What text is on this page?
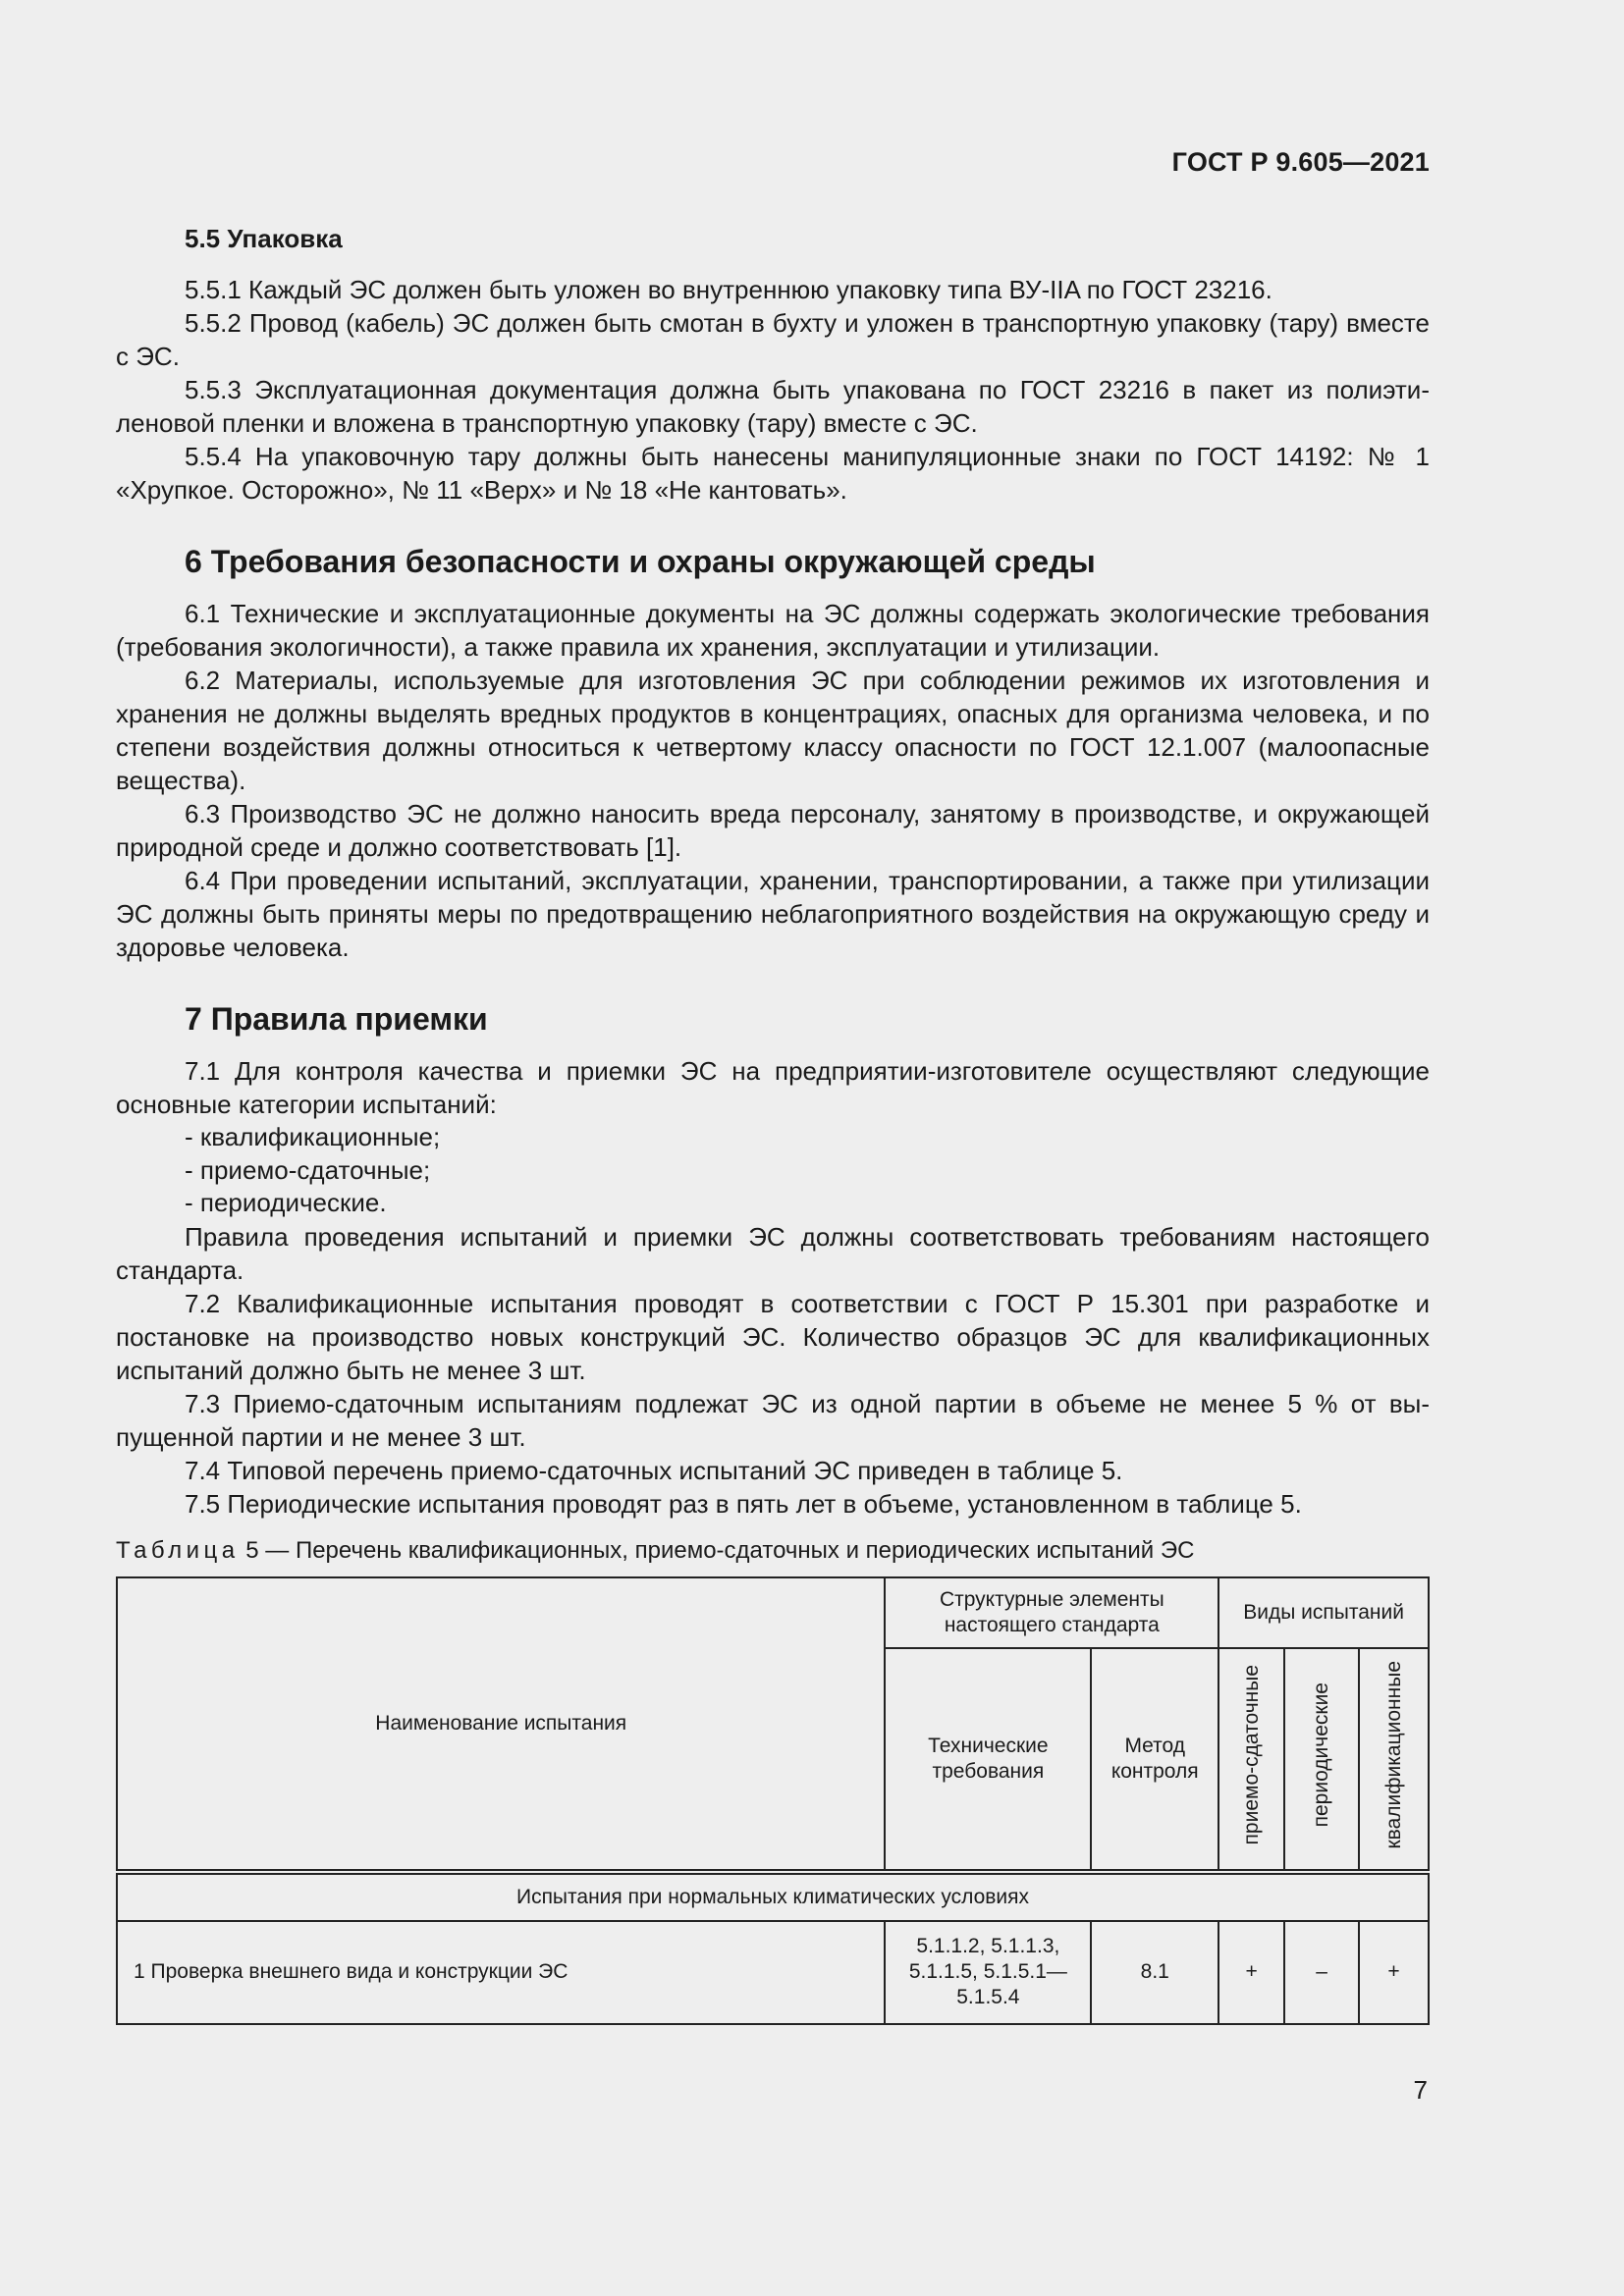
ГОСТ Р 9.605—2021
5.5 Упаковка

5.5.1 Каждый ЭС должен быть уложен во внутреннюю упаковку типа ВУ-IIA по ГОСТ 23216.

5.5.2 Провод (кабель) ЭС должен быть смотан в бухту и уложен в транспортную упаковку (тару) вместе с ЭС.

5.5.3 Эксплуатационная документация должна быть упакована по ГОСТ 23216 в пакет из полиэтиленовой пленки и вложена в транспортную упаковку (тару) вместе с ЭС.

5.5.4 На упаковочную тару должны быть нанесены манипуляционные знаки по ГОСТ 14192: № 1 «Хрупкое. Осторожно», № 11 «Верх» и № 18 «Не кантовать».

6 Требования безопасности и охраны окружающей среды

6.1 Технические и эксплуатационные документы на ЭС должны содержать экологические требования (требования экологичности), а также правила их хранения, эксплуатации и утилизации.

6.2 Материалы, используемые для изготовления ЭС при соблюдении режимов их изготовления и хранения не должны выделять вредных продуктов в концентрациях, опасных для организма человека, и по степени воздействия должны относиться к четвертому классу опасности по ГОСТ 12.1.007 (малоопасные вещества).

6.3 Производство ЭС не должно наносить вреда персоналу, занятому в производстве, и окружающей природной среде и должно соответствовать [1].

6.4 При проведении испытаний, эксплуатации, хранении, транспортировании, а также при утилизации ЭС должны быть приняты меры по предотвращению неблагоприятного воздействия на окружающую среду и здоровье человека.

7 Правила приемки

7.1 Для контроля качества и приемки ЭС на предприятии-изготовителе осуществляют следующие основные категории испытаний:

- квалификационные;
- приемо-сдаточные;
- периодические.

Правила проведения испытаний и приемки ЭС должны соответствовать требованиям настоящего стандарта.

7.2 Квалификационные испытания проводят в соответствии с ГОСТ Р 15.301 при разработке и постановке на производство новых конструкций ЭС. Количество образцов ЭС для квалификационных испытаний должно быть не менее 3 шт.

7.3 Приемо-сдаточным испытаниям подлежат ЭС из одной партии в объеме не менее 5 % от выпущенной партии и не менее 3 шт.

7.4 Типовой перечень приемо-сдаточных испытаний ЭС приведен в таблице 5.

7.5 Периодические испытания проводят раз в пять лет в объеме, установленном в таблице 5.

Таблица 5 — Перечень квалификационных, приемо-сдаточных и периодических испытаний ЭС
Наименование испытания	Структурные элементы настоящего стандарта		Виды испытаний		
	Технические требования	Метод контроля	приемо-сдаточные	периодические	квалификационные
Испытания при нормальных климатических условиях					
1 Проверка внешнего вида и конструкции ЭС	5.1.1.2, 5.1.1.3, 5.1.1.5, 5.1.5.1—5.1.5.4	8.1	+	–	+
7
